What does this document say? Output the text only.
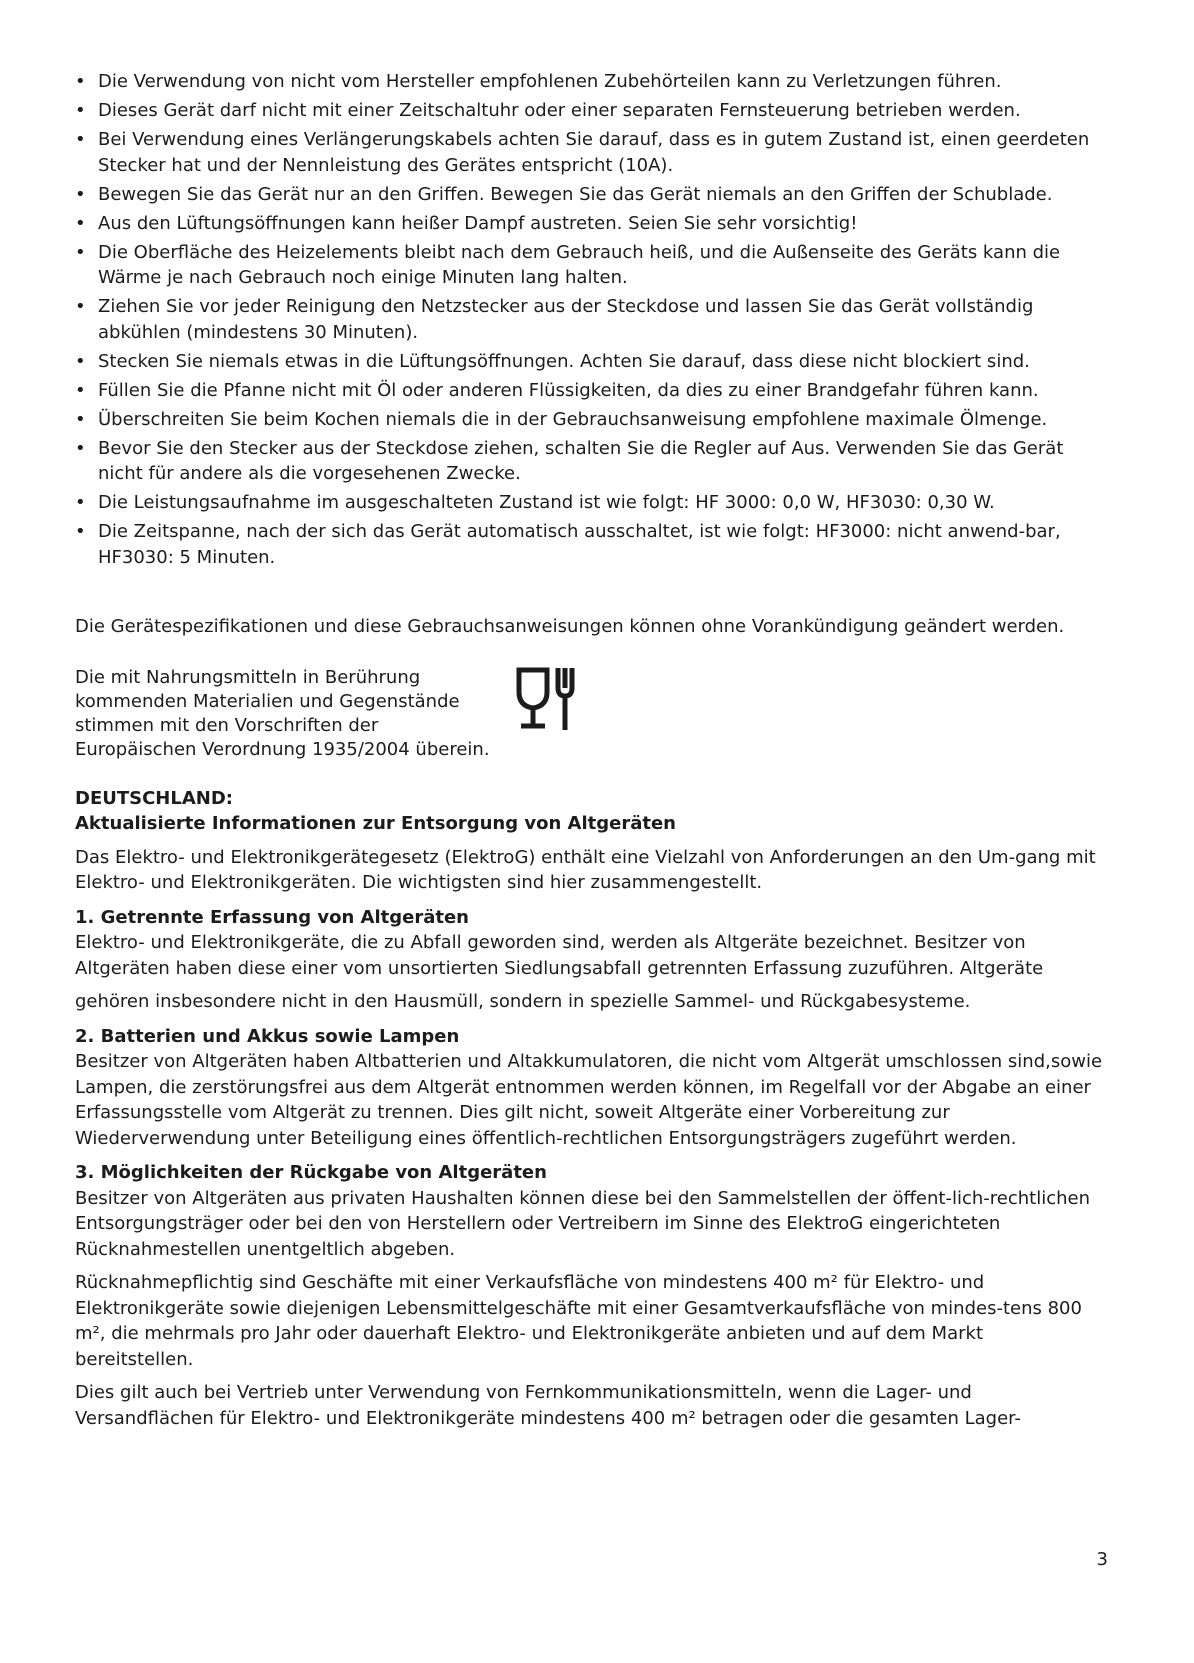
• Die Verwendung von nicht vom Hersteller empfohlenen Zubehörteilen kann zu Verletzungen führen.
• Dieses Gerät darf nicht mit einer Zeitschaltuhr oder einer separaten Fernsteuerung betrieben werden.
• Bei Verwendung eines Verlängerungskabels achten Sie darauf, dass es in gutem Zustand ist, einen geerdeten Stecker hat und der Nennleistung des Gerätes entspricht (10A).
• Bewegen Sie das Gerät nur an den Griffen. Bewegen Sie das Gerät niemals an den Griffen der Schublade.
• Aus den Lüftungsöffnungen kann heißer Dampf austreten. Seien Sie sehr vorsichtig!
• Die Oberfläche des Heizelements bleibt nach dem Gebrauch heiß, und die Außenseite des Geräts kann die Wärme je nach Gebrauch noch einige Minuten lang halten.
• Ziehen Sie vor jeder Reinigung den Netzstecker aus der Steckdose und lassen Sie das Gerät vollständig abkühlen (mindestens 30 Minuten).
• Stecken Sie niemals etwas in die Lüftungsöffnungen. Achten Sie darauf, dass diese nicht blockiert sind.
• Füllen Sie die Pfanne nicht mit Öl oder anderen Flüssigkeiten, da dies zu einer Brandgefahr führen kann.
• Überschreiten Sie beim Kochen niemals die in der Gebrauchsanweisung empfohlene maximale Ölmenge.
• Bevor Sie den Stecker aus der Steckdose ziehen, schalten Sie die Regler auf Aus. Verwenden Sie das Gerät nicht für andere als die vorgesehenen Zwecke.
• Die Leistungsaufnahme im ausgeschalteten Zustand ist wie folgt: HF 3000: 0,0 W, HF3030: 0,30 W.
• Die Zeitspanne, nach der sich das Gerät automatisch ausschaltet, ist wie folgt: HF3000: nicht anwend-bar, HF3030: 5 Minuten.

Die Gerätespezifikationen und diese Gebrauchsanweisungen können ohne Vorankündigung geändert werden.

Die mit Nahrungsmitteln in Berührung kommenden Materialien und Gegenstände stimmen mit den Vorschriften der Europäischen Verordnung 1935/2004 überein.

DEUTSCHLAND:
Aktualisierte Informationen zur Entsorgung von Altgeräten

Das Elektro- und Elektronikgerätegesetz (ElektroG) enthält eine Vielzahl von Anforderungen an den Um-gang mit Elektro- und Elektronikgeräten. Die wichtigsten sind hier zusammengestellt.

1. Getrennte Erfassung von Altgeräten

Elektro- und Elektronikgeräte, die zu Abfall geworden sind, werden als Altgeräte bezeichnet. Besitzer von Altgeräten haben diese einer vom unsortierten Siedlungsabfall getrennten Erfassung zuzuführen. Altgeräte

gehören insbesondere nicht in den Hausmüll, sondern in spezielle Sammel- und Rückgabesysteme.

2. Batterien und Akkus sowie Lampen

Besitzer von Altgeräten haben Altbatterien und Altakkumulatoren, die nicht vom Altgerät umschlossen sind,sowie Lampen, die zerstörungsfrei aus dem Altgerät entnommen werden können, im Regelfall vor der Abgabe an einer Erfassungsstelle vom Altgerät zu trennen. Dies gilt nicht, soweit Altgeräte einer Vorbereitung zur Wiederverwendung unter Beteiligung eines öffentlich-rechtlichen Entsorgungsträgers zugeführt werden.

3. Möglichkeiten der Rückgabe von Altgeräten

Besitzer von Altgeräten aus privaten Haushalten können diese bei den Sammelstellen der öffent-lich-rechtlichen Entsorgungsträger oder bei den von Herstellern oder Vertreibern im Sinne des ElektroG eingerichteten Rücknahmestellen unentgeltlich abgeben.

Rücknahmepflichtig sind Geschäfte mit einer Verkaufsfläche von mindestens 400 m² für Elektro- und Elektronikgeräte sowie diejenigen Lebensmittelgeschäfte mit einer Gesamtverkaufsfläche von mindes-tens 800 m², die mehrmals pro Jahr oder dauerhaft Elektro- und Elektronikgeräte anbieten und auf dem Markt bereitstellen.

Dies gilt auch bei Vertrieb unter Verwendung von Fernkommunikationsmitteln, wenn die Lager- und Versandflächen für Elektro- und Elektronikgeräte mindestens 400 m² betragen oder die gesamten Lager-

3
